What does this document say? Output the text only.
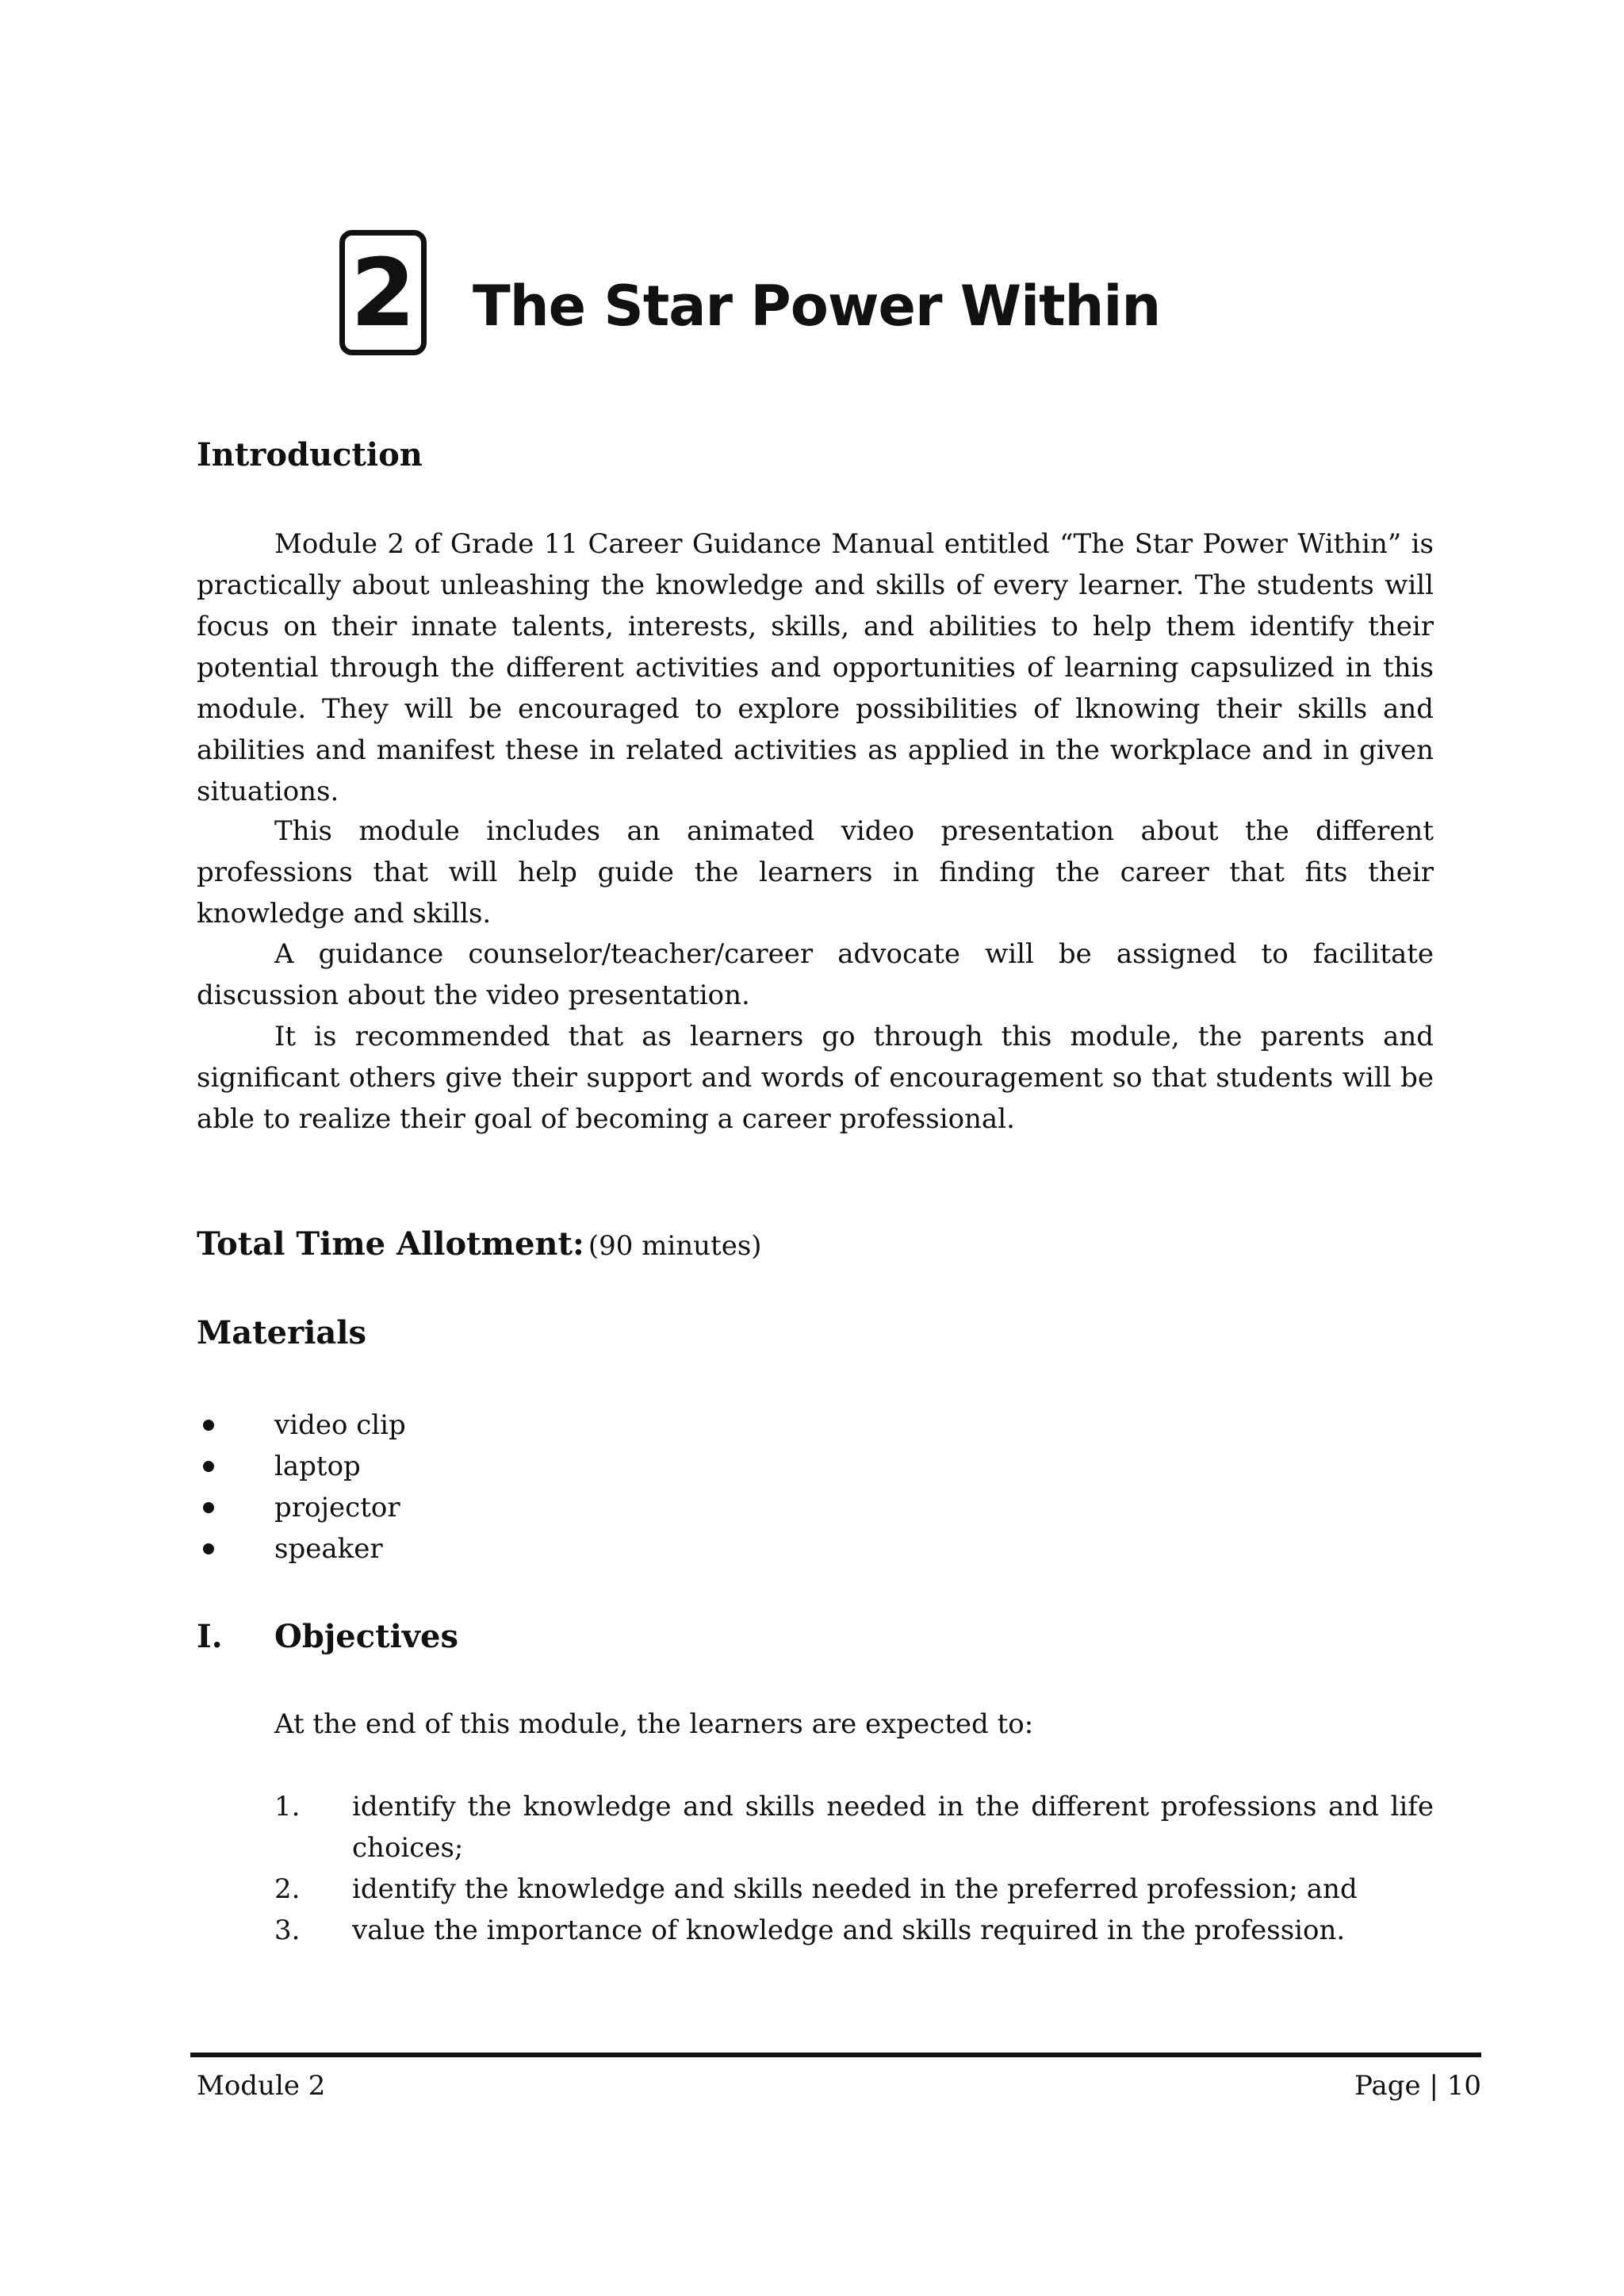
2 The Star Power Within
Introduction

Module 2 of Grade 11 Career Guidance Manual entitled “The Star Power Within” is practically about unleashing the knowledge and skills of every learner. The students will focus on their innate talents, interests, skills, and abilities to help them identify their potential through the different activities and opportunities of learning capsulized in this module. They will be encouraged to explore possibilities of lknowing their skills and abilities and manifest these in related activities as applied in the workplace and in given situations.

This module includes an animated video presentation about the different professions that will help guide the learners in finding the career that fits their knowledge and skills.

A guidance counselor/teacher/career advocate will be assigned to facilitate discussion about the video presentation.

It is recommended that as learners go through this module, the parents and significant others give their support and words of encouragement so that students will be able to realize their goal of becoming a career professional.

Total Time Allotment: (90 minutes)
Materials
video clip
laptop
projector
speaker
I.	Objectives

At the end of this module, the learners are expected to:

1.	identify the knowledge and skills needed in the different professions and life choices;
2.	identify the knowledge and skills needed in the preferred profession; and
3.	value the importance of knowledge and skills required in the profession.
Module 2	Page | 10
